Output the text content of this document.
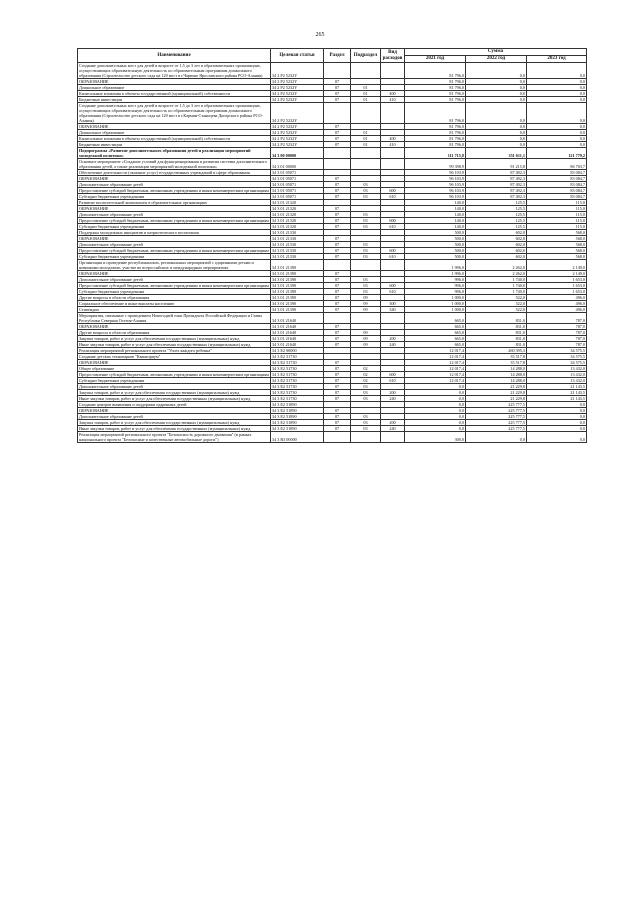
265
Наименование	Целевая статья	Раздел	Подраздел	Вид расходов	Сумма		
					2021 год	2022 год	2023 год
Создание дополнительных мест для детей в возрасте от 1,5 до 3 лет в образовательных организациях, осуществляющих образовательную деятельность по образовательным программам дошкольного образования (Строительство детского сада на 120 мест в г.Чарвоне Ярославского района РСО-Алания)	34 2 P2 5232Y				81 796,0	0,0	0,0
ОБРАЗОВАНИЕ	34 2 P2 5232Y	07			81 796,0	0,0	0,0
Дошкольное образование	34 2 P2 5232Y	07	01		81 796,0	0,0	0,0
Капитальные вложения в объекты государственной (муниципальной) собственности	34 2 P2 5232Y	07	01	400	81 796,0	0,0	0,0
Бюджетные инвестиции	34 2 P2 5232Y	07	01	410	81 796,0	0,0	0,0
Создание дополнительных мест для детей в возрасте от 1,5 до 3 лет в образовательных организациях, осуществляющих образовательную деятельность по образовательным программам дошкольного образования (Строительство детского сада на 120 мест в г.Кармин-Станицева Дигорского района РСО-Алания)	34 2 P2 5232Y				81 796,0	0,0	0,0
ОБРАЗОВАНИЕ	34 2 P2 5232Y	07			81 796,0	0,0	0,0
Дошкольное образование	34 2 P2 5232Y	07	01		81 796,0	0,0	0,0
Капитальные вложения в объекты государственной (муниципальной) собственности	34 2 P2 5232Y	07	01	400	81 796,0	0,0	0,0
Бюджетные инвестиции	34 2 P2 5232Y	07	01	410	81 796,0	0,0	0,0
Подпрограмма «Развитие дополнительного образования детей и реализация мероприятий молодежной политики»	34 3 00 00000				111 715,8	351 611,1	121 779,2
Основное мероприятие «Создание условий для функционирования и развития системы дополнительного образования детей, а также реализации мероприятий молодежной политики»	34 3 01 00000				99 398,9	91 215,8	86 703,7
Обеспечение деятельности (оказание услуг) государственных учреждений в сфере образования	34 3 01 05071				96 103,9	87 492,3	83 084,7
ОБРАЗОВАНИЕ	34 3 01 05071	07			96 103,9	87 492,3	83 084,7
Дополнительное образование детей	34 3 01 05071	07	03		96 103,9	87 492,3	83 084,7
Предоставление субсидий бюджетным, автономным учреждениям и иным некоммерческим организациям	34 3 01 05071	07	03	600	96 103,9	87 492,3	83 084,7
Субсидии бюджетным учреждениям	34 3 01 05071	07	03	610	96 103,9	87 492,3	83 084,7
Развитие воспитательной компоненты в образовательных организациях	34 3 01 21320				140,0	125,5	115,0
ОБРАЗОВАНИЕ	34 3 01 21320	07			140,0	125,5	115,0
Дополнительное образование детей	34 3 01 21320	07	03		140,0	125,5	115,0
Предоставление субсидий бюджетным, автономным учреждениям и иным некоммерческим организациям	34 3 01 21320	07	03	600	140,0	125,5	115,0
Субсидии бюджетным учреждениям	34 3 01 21320	07	03	610	140,0	125,5	115,0
Поддержка молодежных инициатив и патриотического воспитания	34 3 01 21330				500,0	602,0	568,0
ОБРАЗОВАНИЕ	34 3 01 21330	07			500,0	602,0	568,0
Дополнительное образование детей	34 3 01 21330	07	03		500,0	602,0	568,0
Предоставление субсидий бюджетным, автономным учреждениям и иным некоммерческим организациям	34 3 01 21330	07	03	600	500,0	602,0	568,0
Субсидии бюджетным учреждениям	34 3 01 21330	07	03	610	500,0	602,0	568,0
Организация и проведение республиканских, региональных мероприятий с одаренными детьми и новинками молодежью, участие во всероссийских и международных мероприятиях	34 3 01 21390				1 996,0	2 262,0	2 149,0
ОБРАЗОВАНИЕ	34 3 01 21390	07			1 996,0	2 262,0	2 149,0
Дополнительное образование детей	34 3 01 21390	07	03		996,0	1 740,0	1 653,0
Предоставление субсидий бюджетным, автономным учреждениям и иным некоммерческим организациям	34 3 01 21390	07	03	600	996,0	1 740,0	1 653,0
Субсидии бюджетным учреждениям	34 3 01 21390	07	03	610	996,0	1 740,0	1 653,0
Другие вопросы в области образования	34 3 01 21390	07	09		1 000,0	522,0	496,0
Социальное обеспечение и иные выплаты населению	34 3 01 21390	07	09	300	1 000,0	522,0	496,0
Стипендии	34 3 01 21390	07	09	340	1 000,0	522,0	496,0
Мероприятия, связанные с проведением Новогодней елки Президента Российской Федерации и Главы Республики Северная Осетия-Алания	34 3 01 21640				665,0	831,0	787,0
ОБРАЗОВАНИЕ	34 3 01 21640	07			665,0	831,0	787,0
Другие вопросы в области образования	34 3 01 21640	07	09		665,0	831,0	787,0
Закупка товаров, работ и услуг для обеспечения государственных (муниципальных) нужд	34 3 01 21640	07	09	200	665,0	831,0	787,0
Иные закупки товаров, работ и услуг для обеспечения государственных (муниципальных) нужд	34 3 01 21640	07	09	240	665,0	831,0	787,0
Реализация мероприятий регионального проекта "Успех каждого ребенка"	34 3 E2 00000				12 017,4	260 395,3	34 575,5
Создание детских технопарков "Кванториум"	34 3 E2 51730				12 017,4	35 517,8	34 575,5
ОБРАЗОВАНИЕ	34 3 E2 51730	07			12 017,4	35 517,8	34 575,5
Общее образование	34 3 E2 51730	07	02		12 017,4	14 288,0	13 432,0
Предоставление субсидий бюджетным, автономным учреждениям и иным некоммерческим организациям	34 3 E2 51730	07	02	600	12 017,4	14 288,0	13 432,0
Субсидии бюджетным учреждениям	34 3 E2 51730	07	02	610	12 017,4	14 288,0	13 432,0
Дополнительное образование детей	34 3 E2 51730	07	03		0,0	21 229,8	21 143,5
Закупка товаров, работ и услуг для обеспечения государственных (муниципальных) нужд	34 3 E2 51730	07	03	200	0,0	21 229,8	21 143,5
Иные закупки товаров, работ и услуг для обеспечения государственных (муниципальных) нужд	34 3 E2 51730	07	03	240	0,0	21 229,8	21 143,5
Создание центров выявления и поддержки одаренных детей	34 3 E2 51890				0,0	225 777,5	0,0
ОБРАЗОВАНИЕ	34 3 E2 51890	07			0,0	225 777,5	0,0
Дополнительное образование детей	34 3 E2 51890	07	03		0,0	225 777,5	0,0
Закупка товаров, работ и услуг для обеспечения государственных (муниципальных) нужд	34 3 E2 51890	07	03	200	0,0	225 777,5	0,0
Иные закупки товаров, работ и услуг для обеспечения государственных (муниципальных) нужд	34 3 E2 51890	07	03	240	0,0	225 777,5	0,0
Реализация мероприятий регионального проекта "Безопасность дорожного движения" (в рамках национального проекта "Безопасные и качественные автомобильные дороги")	34 3 R3 00000				300,0	0,0	0,0
